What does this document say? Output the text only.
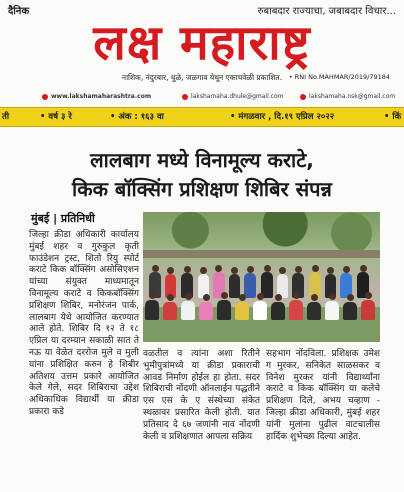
दैनिक	रुबाबदार राज्याचा, जबाबदार विचार...
लक्ष महाराष्ट्र
नाशिक, नंदुरबार, धुळे, जळगाव येथून एकाचवेळी प्रकाशित.	• RNI No.MAHMAR/2019/79184
www.lakshamaharashtra.com	lakshamaha.dhule@gmail.com	lakshamaha.nsk@gmail.com
ती	• वर्ष ३ रे	• अंक : १६३ वा	• मंगळवार , दि.१९ एप्रिल २०२२	• किं
लालबाग मध्ये विनामूल्य कराटे,
किक बॉक्सिंग प्रशिक्षण शिबिर संपन्न
मुंबई | प्रतिनिधी
जिल्हा क्रीडा अधिकारी कार्यालय मुंबई शहर व गुरुकुल कृती फाउंडेशन ट्रस्ट, शितो रियु स्पोर्ट कराटे किक बॉक्सिंग असोसिएशन यांच्या संयुक्त माध्यमातून विनामूल्य कराटे व किकबॉक्सिंग प्रशिक्षण शिबिर, मनोरंजन पार्क, लालबाग येथे आयोजित करण्यात आले होते. शिबिर दि १२ ते १८ एप्रिल या दरम्यान सकाळी सात ते नऊ या वेळेत दररोज मुले व मुली यांना प्रशिक्षित करुन हे शिबीर अतिशय उत्तम प्रकारे आयोजित केले गेले, सदर शिबिराचा उद्देश अधिकाधिक विद्यार्थी या क्रीडा प्रकारा कडे
वळतील व त्यांना अशा रितीने भुमीपुत्रांमध्ये या क्रीडा प्रकाराची आवड निर्माण होईल हा होता. सदर शिबिराची नोंदणी ऑनलाईन पद्धतीने एस एस के ए संस्थेच्या संकेत स्थळावर प्रसारित केली होती. यात प्रतिसाद दे ६७ जणांनी नाव नोंदणी केली व प्रशिक्षणात आपला सक्रिय
सहभाग नोंदविला. प्रशिक्षक उमेश ग मुरकर, सनिकेत साळसकर व विनेश मुरकर यांनी विद्यार्थ्यांना कराटे व किक बॉक्सिंग या कलेचे प्रशिक्षण दिले, अभय चव्हाण - जिल्हा क्रीडा अधिकारी, मुंबई शहर यांनी मुलांना पुढील वाटचालीस हार्दिक शुभेच्छा दिल्या आहेत.
